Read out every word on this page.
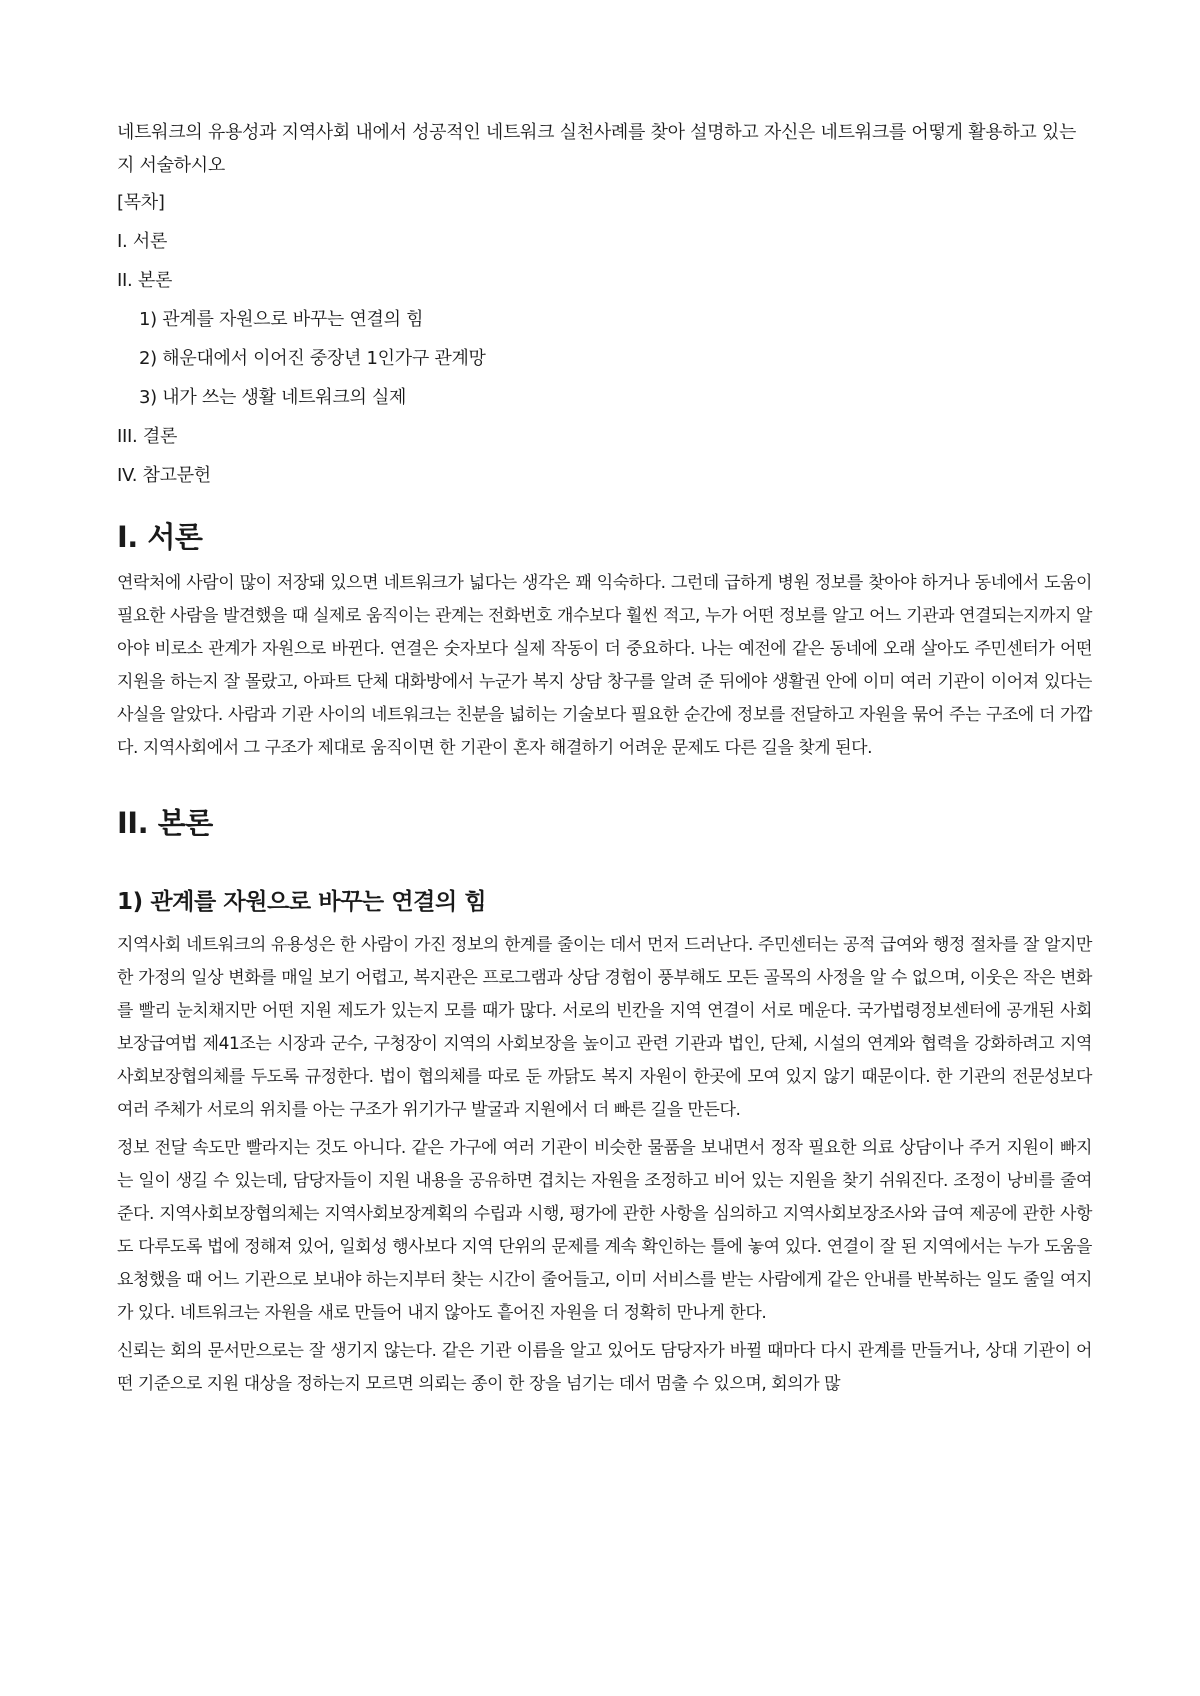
네트워크의 유용성과 지역사회 내에서 성공적인 네트워크 실천사례를 찾아 설명하고 자신은 네트워크를 어떻게 활용하고 있는지 서술하시오

[목차]
I. 서론
II. 본론
1) 관계를 자원으로 바꾸는 연결의 힘
2) 해운대에서 이어진 중장년 1인가구 관계망
3) 내가 쓰는 생활 네트워크의 실제
III. 결론
IV. 참고문헌
I. 서론

연락처에 사람이 많이 저장돼 있으면 네트워크가 넓다는 생각은 꽤 익숙하다. 그런데 급하게 병원 정보를 찾아야 하거나 동네에서 도움이 필요한 사람을 발견했을 때 실제로 움직이는 관계는 전화번호 개수보다 훨씬 적고, 누가 어떤 정보를 알고 어느 기관과 연결되는지까지 알아야 비로소 관계가 자원으로 바뀐다. 연결은 숫자보다 실제 작동이 더 중요하다. 나는 예전에 같은 동네에 오래 살아도 주민센터가 어떤 지원을 하는지 잘 몰랐고, 아파트 단체 대화방에서 누군가 복지 상담 창구를 알려 준 뒤에야 생활권 안에 이미 여러 기관이 이어져 있다는 사실을 알았다. 사람과 기관 사이의 네트워크는 친분을 넓히는 기술보다 필요한 순간에 정보를 전달하고 자원을 묶어 주는 구조에 더 가깝다. 지역사회에서 그 구조가 제대로 움직이면 한 기관이 혼자 해결하기 어려운 문제도 다른 길을 찾게 된다.

II. 본론
1) 관계를 자원으로 바꾸는 연결의 힘

지역사회 네트워크의 유용성은 한 사람이 가진 정보의 한계를 줄이는 데서 먼저 드러난다. 주민센터는 공적 급여와 행정 절차를 잘 알지만 한 가정의 일상 변화를 매일 보기 어렵고, 복지관은 프로그램과 상담 경험이 풍부해도 모든 골목의 사정을 알 수 없으며, 이웃은 작은 변화를 빨리 눈치채지만 어떤 지원 제도가 있는지 모를 때가 많다. 서로의 빈칸을 지역 연결이 서로 메운다. 국가법령정보센터에 공개된 사회보장급여법 제41조는 시장과 군수, 구청장이 지역의 사회보장을 높이고 관련 기관과 법인, 단체, 시설의 연계와 협력을 강화하려고 지역사회보장협의체를 두도록 규정한다. 법이 협의체를 따로 둔 까닭도 복지 자원이 한곳에 모여 있지 않기 때문이다. 한 기관의 전문성보다 여러 주체가 서로의 위치를 아는 구조가 위기가구 발굴과 지원에서 더 빠른 길을 만든다.

정보 전달 속도만 빨라지는 것도 아니다. 같은 가구에 여러 기관이 비슷한 물품을 보내면서 정작 필요한 의료 상담이나 주거 지원이 빠지는 일이 생길 수 있는데, 담당자들이 지원 내용을 공유하면 겹치는 자원을 조정하고 비어 있는 지원을 찾기 쉬워진다. 조정이 낭비를 줄여 준다. 지역사회보장협의체는 지역사회보장계획의 수립과 시행, 평가에 관한 사항을 심의하고 지역사회보장조사와 급여 제공에 관한 사항도 다루도록 법에 정해져 있어, 일회성 행사보다 지역 단위의 문제를 계속 확인하는 틀에 놓여 있다. 연결이 잘 된 지역에서는 누가 도움을 요청했을 때 어느 기관으로 보내야 하는지부터 찾는 시간이 줄어들고, 이미 서비스를 받는 사람에게 같은 안내를 반복하는 일도 줄일 여지가 있다. 네트워크는 자원을 새로 만들어 내지 않아도 흩어진 자원을 더 정확히 만나게 한다.

신뢰는 회의 문서만으로는 잘 생기지 않는다. 같은 기관 이름을 알고 있어도 담당자가 바뀔 때마다 다시 관계를 만들거나, 상대 기관이 어떤 기준으로 지원 대상을 정하는지 모르면 의뢰는 종이 한 장을 넘기는 데서 멈출 수 있으며, 회의가 많
